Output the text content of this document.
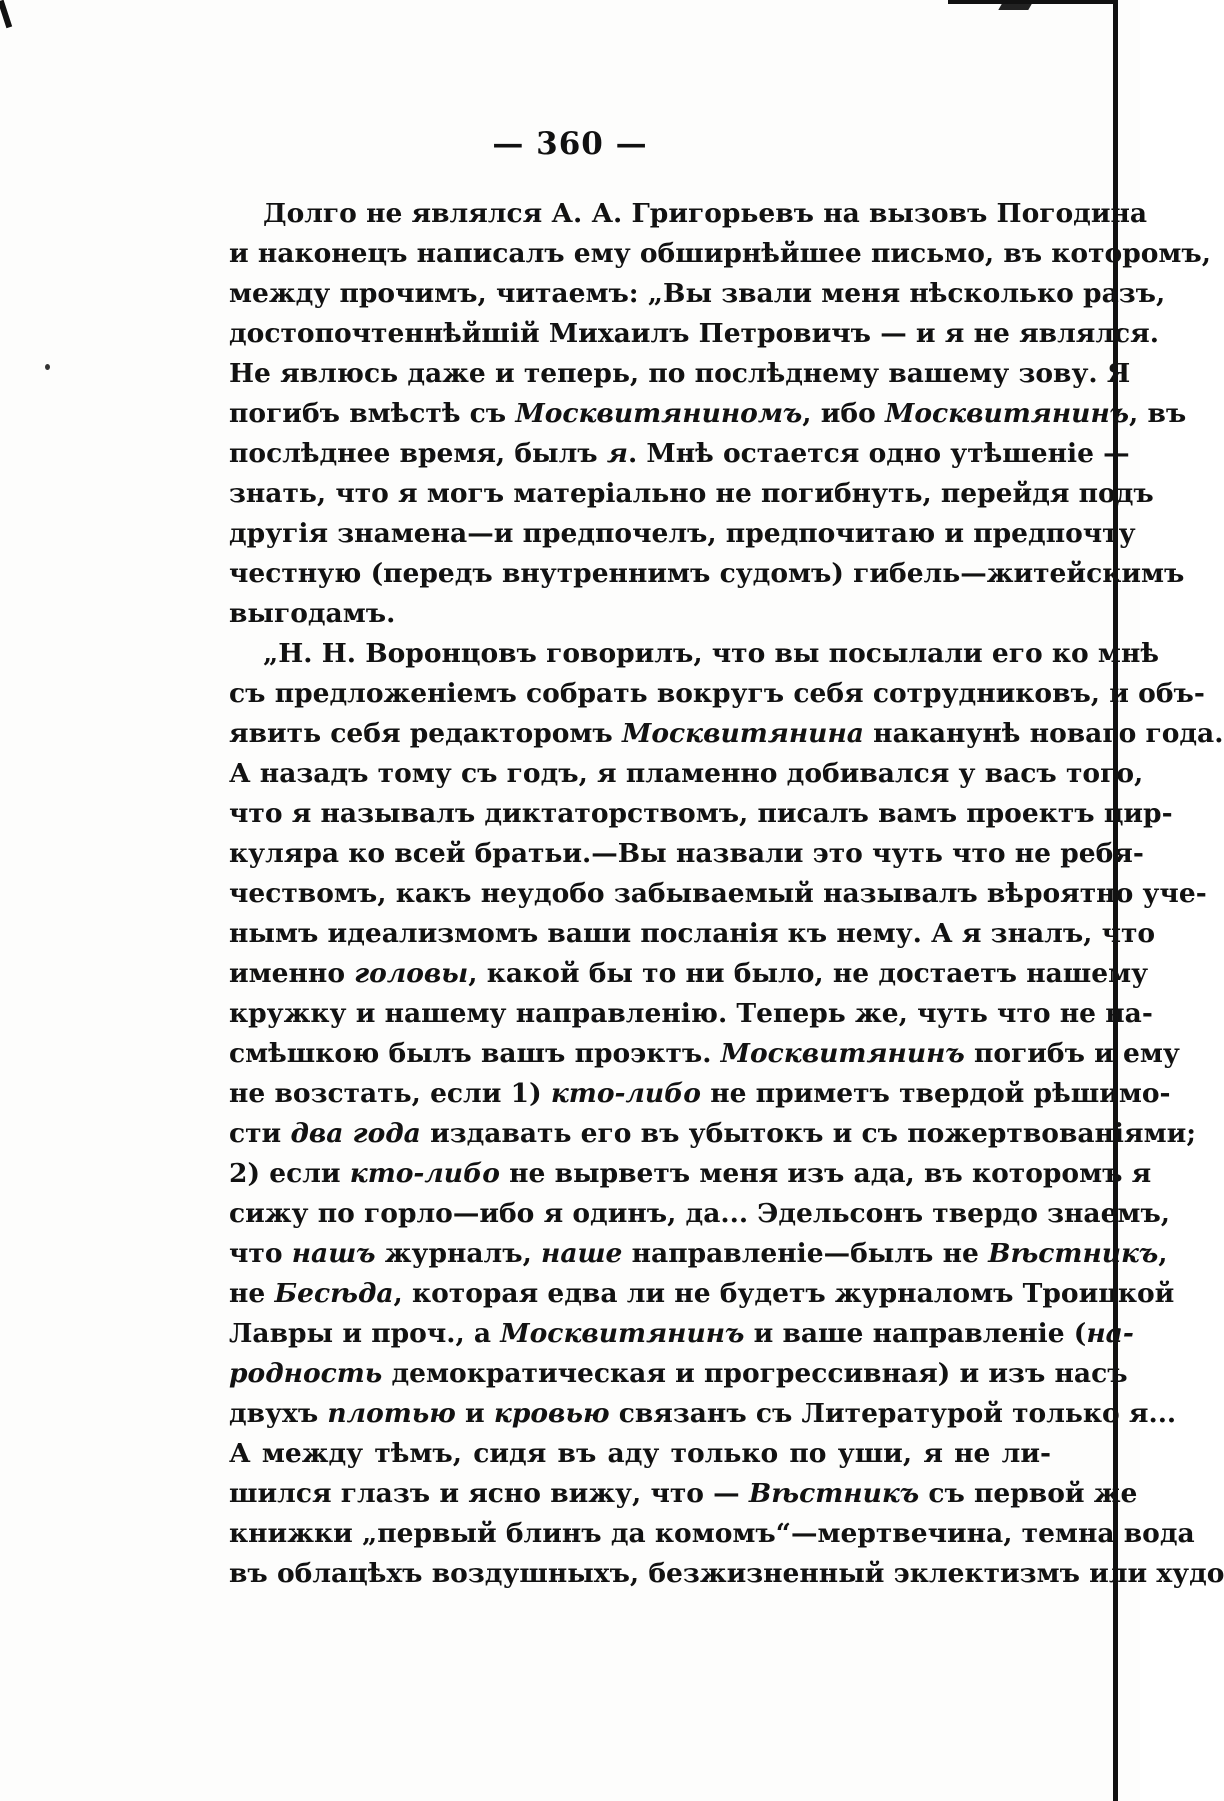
— 360 —
Долго не являлся А. А. Григорьевъ на вызовъ Погодина
и наконецъ написалъ ему обширнѣйшее письмо, въ которомъ,
между прочимъ, читаемъ: „Вы звали меня нѣсколько разъ,
достопочтеннѣйшій Михаилъ Петровичъ — и я не являлся.
Не явлюсь даже и теперь, по послѣднему вашему зову. Я
погибъ вмѣстѣ съ Москвитяниномъ, ибо Москвитянинъ, въ
послѣднее время, былъ я. Мнѣ остается одно утѣшеніе —
знать, что я могъ матеріально не погибнуть, перейдя подъ
другія знамена—и предпочелъ, предпочитаю и предпочту
честную (передъ внутреннимъ судомъ) гибель—житейскимъ
выгодамъ.
„Н. Н. Воронцовъ говорилъ, что вы посылали его ко мнѣ
съ предложеніемъ собрать вокругъ себя сотрудниковъ, и объ-
явить себя редакторомъ Москвитянина наканунѣ новаго года.
А назадъ тому съ годъ, я пламенно добивался у васъ того,
что я называлъ диктаторствомъ, писалъ вамъ проектъ цир-
куляра ко всей братьи.—Вы назвали это чуть что не ребя-
чествомъ, какъ неудобо забываемый называлъ вѣроятно уче-
нымъ идеализмомъ ваши посланія къ нему. А я зналъ, что
именно головы, какой бы то ни было, не достаетъ нашему
кружку и нашему направленію. Теперь же, чуть что не на-
смѣшкою былъ вашъ проэктъ. Москвитянинъ погибъ и ему
не возстать, если 1) кто-либо не приметъ твердой рѣшимо-
сти два года издавать его въ убытокъ и съ пожертвованіями;
2) если кто-либо не вырветъ меня изъ ада, въ которомъ я
сижу по горло—ибо я одинъ, да... Эдельсонъ твердо знаемъ,
что нашъ журналъ, наше направленіе—былъ не Вѣстникъ,
не Бесѣда, которая едва ли не будетъ журналомъ Троицкой
Лавры и проч., а Москвитянинъ и ваше направленіе (на-
родность демократическая и прогрессивная) и изъ насъ
двухъ плотью и кровью связанъ съ Литературой только я...
А между тѣмъ, сидя въ аду только по уши, я не ли-
шился глазъ и ясно вижу, что — Вѣстникъ съ первой же
книжки „первый блинъ да комомъ“—мертвечина, темна вода
въ облацѣхъ воздушныхъ, безжизненный эклектизмъ или худо
